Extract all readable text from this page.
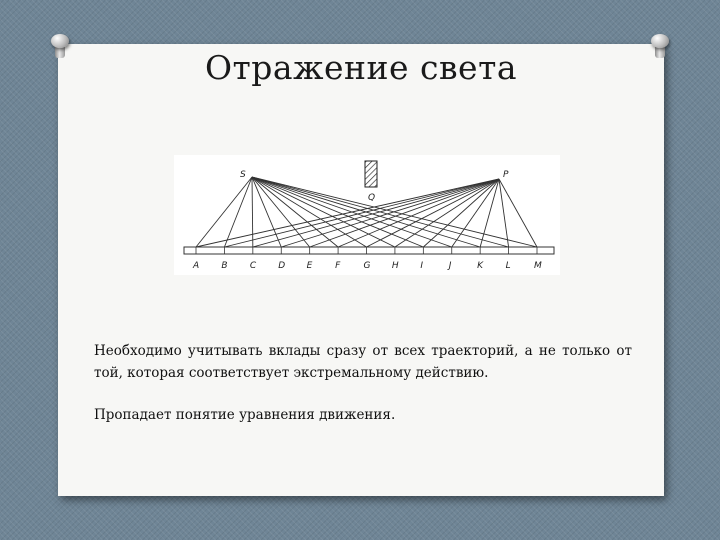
Отражение света
S	P
Q
A B C D E	F	G H I	J	K	L	M

Необходимо учитывать вклады сразу от всех траекторий, а не только от той, которая соответствует экстремальному действию.

Пропадает понятие уравнения движения.
